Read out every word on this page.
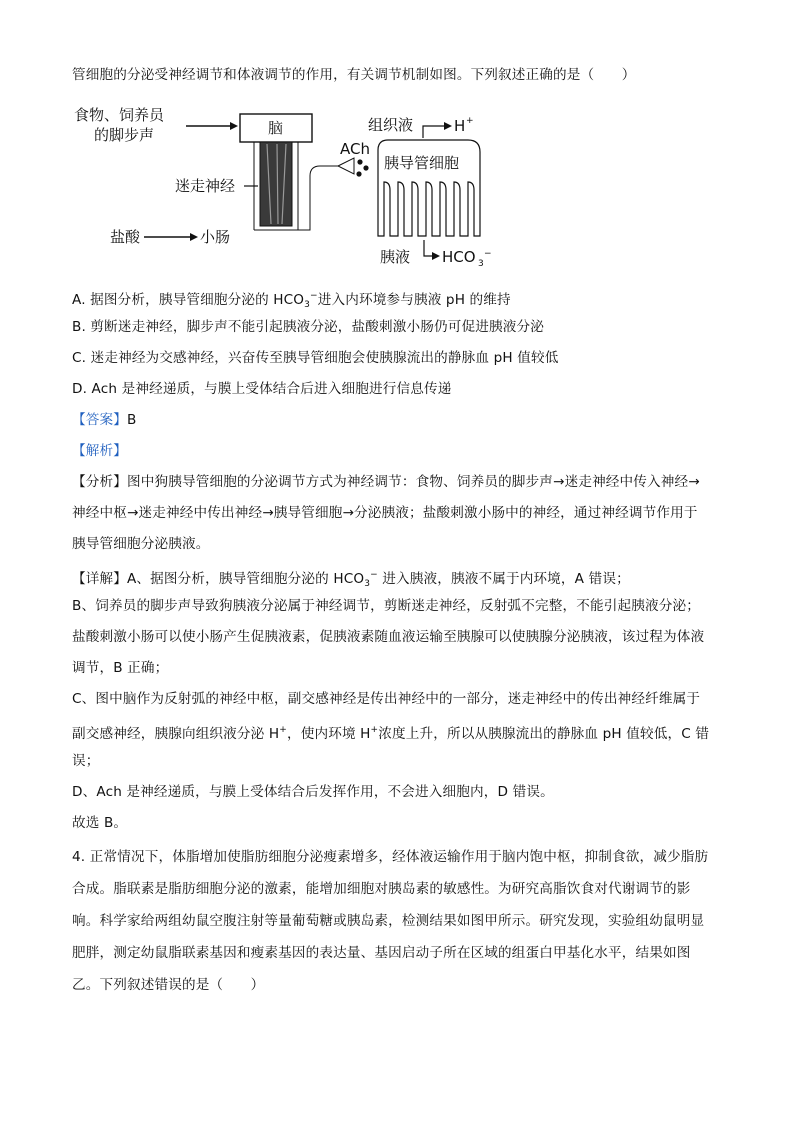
管细胞的分泌受神经调节和体液调节的作用，有关调节机制如图。下列叙述正确的是（　　）
食物、饲养员
的脚步声	脑
迷走神经
盐酸	小肠
ACh
组织液	H +
胰导管细胞
胰液 HCO 3
−
A. 据图分析，胰导管细胞分泌的 $HCO_3^-$进入内环境参与胰液 pH 的维持
B. 剪断迷走神经，脚步声不能引起胰液分泌，盐酸刺激小肠仍可促进胰液分泌
C. 迷走神经为交感神经，兴奋传至胰导管细胞会使胰腺流出的静脉血 pH 值较低
D. Ach 是神经递质，与膜上受体结合后进入细胞进行信息传递
【答案】B
【解析】
【分析】图中狗胰导管细胞的分泌调节方式为神经调节：食物、饲养员的脚步声→迷走神经中传入神经→
神经中枢→迷走神经中传出神经→胰导管细胞→分泌胰液；盐酸刺激小肠中的神经，通过神经调节作用于
胰导管细胞分泌胰液。
【详解】A、据图分析，胰导管细胞分泌的 $HCO_3^-$ 进入胰液，胰液不属于内环境，A 错误；
B、饲养员的脚步声导致狗胰液分泌属于神经调节，剪断迷走神经，反射弧不完整，不能引起胰液分泌；
盐酸刺激小肠可以使小肠产生促胰液素，促胰液素随血液运输至胰腺可以使胰腺分泌胰液，该过程为体液
调节，B 正确；
C、图中脑作为反射弧的神经中枢，副交感神经是传出神经中的一部分，迷走神经中的传出神经纤维属于
副交感神经，胰腺向组织液分泌 H+，使内环境 H+浓度上升，所以从胰腺流出的静脉血 pH 值较低，C 错
误；
D、Ach 是神经递质，与膜上受体结合后发挥作用，不会进入细胞内，D 错误。
故选 B。
4. 正常情况下，体脂增加使脂肪细胞分泌瘦素增多，经体液运输作用于脑内饱中枢，抑制食欲，减少脂肪
合成。脂联素是脂肪细胞分泌的激素，能增加细胞对胰岛素的敏感性。为研究高脂饮食对代谢调节的影
响。科学家给两组幼鼠空腹注射等量葡萄糖或胰岛素，检测结果如图甲所示。研究发现，实验组幼鼠明显
肥胖，测定幼鼠脂联素基因和瘦素基因的表达量、基因启动子所在区域的组蛋白甲基化水平，结果如图
乙。下列叙述错误的是（　　）
